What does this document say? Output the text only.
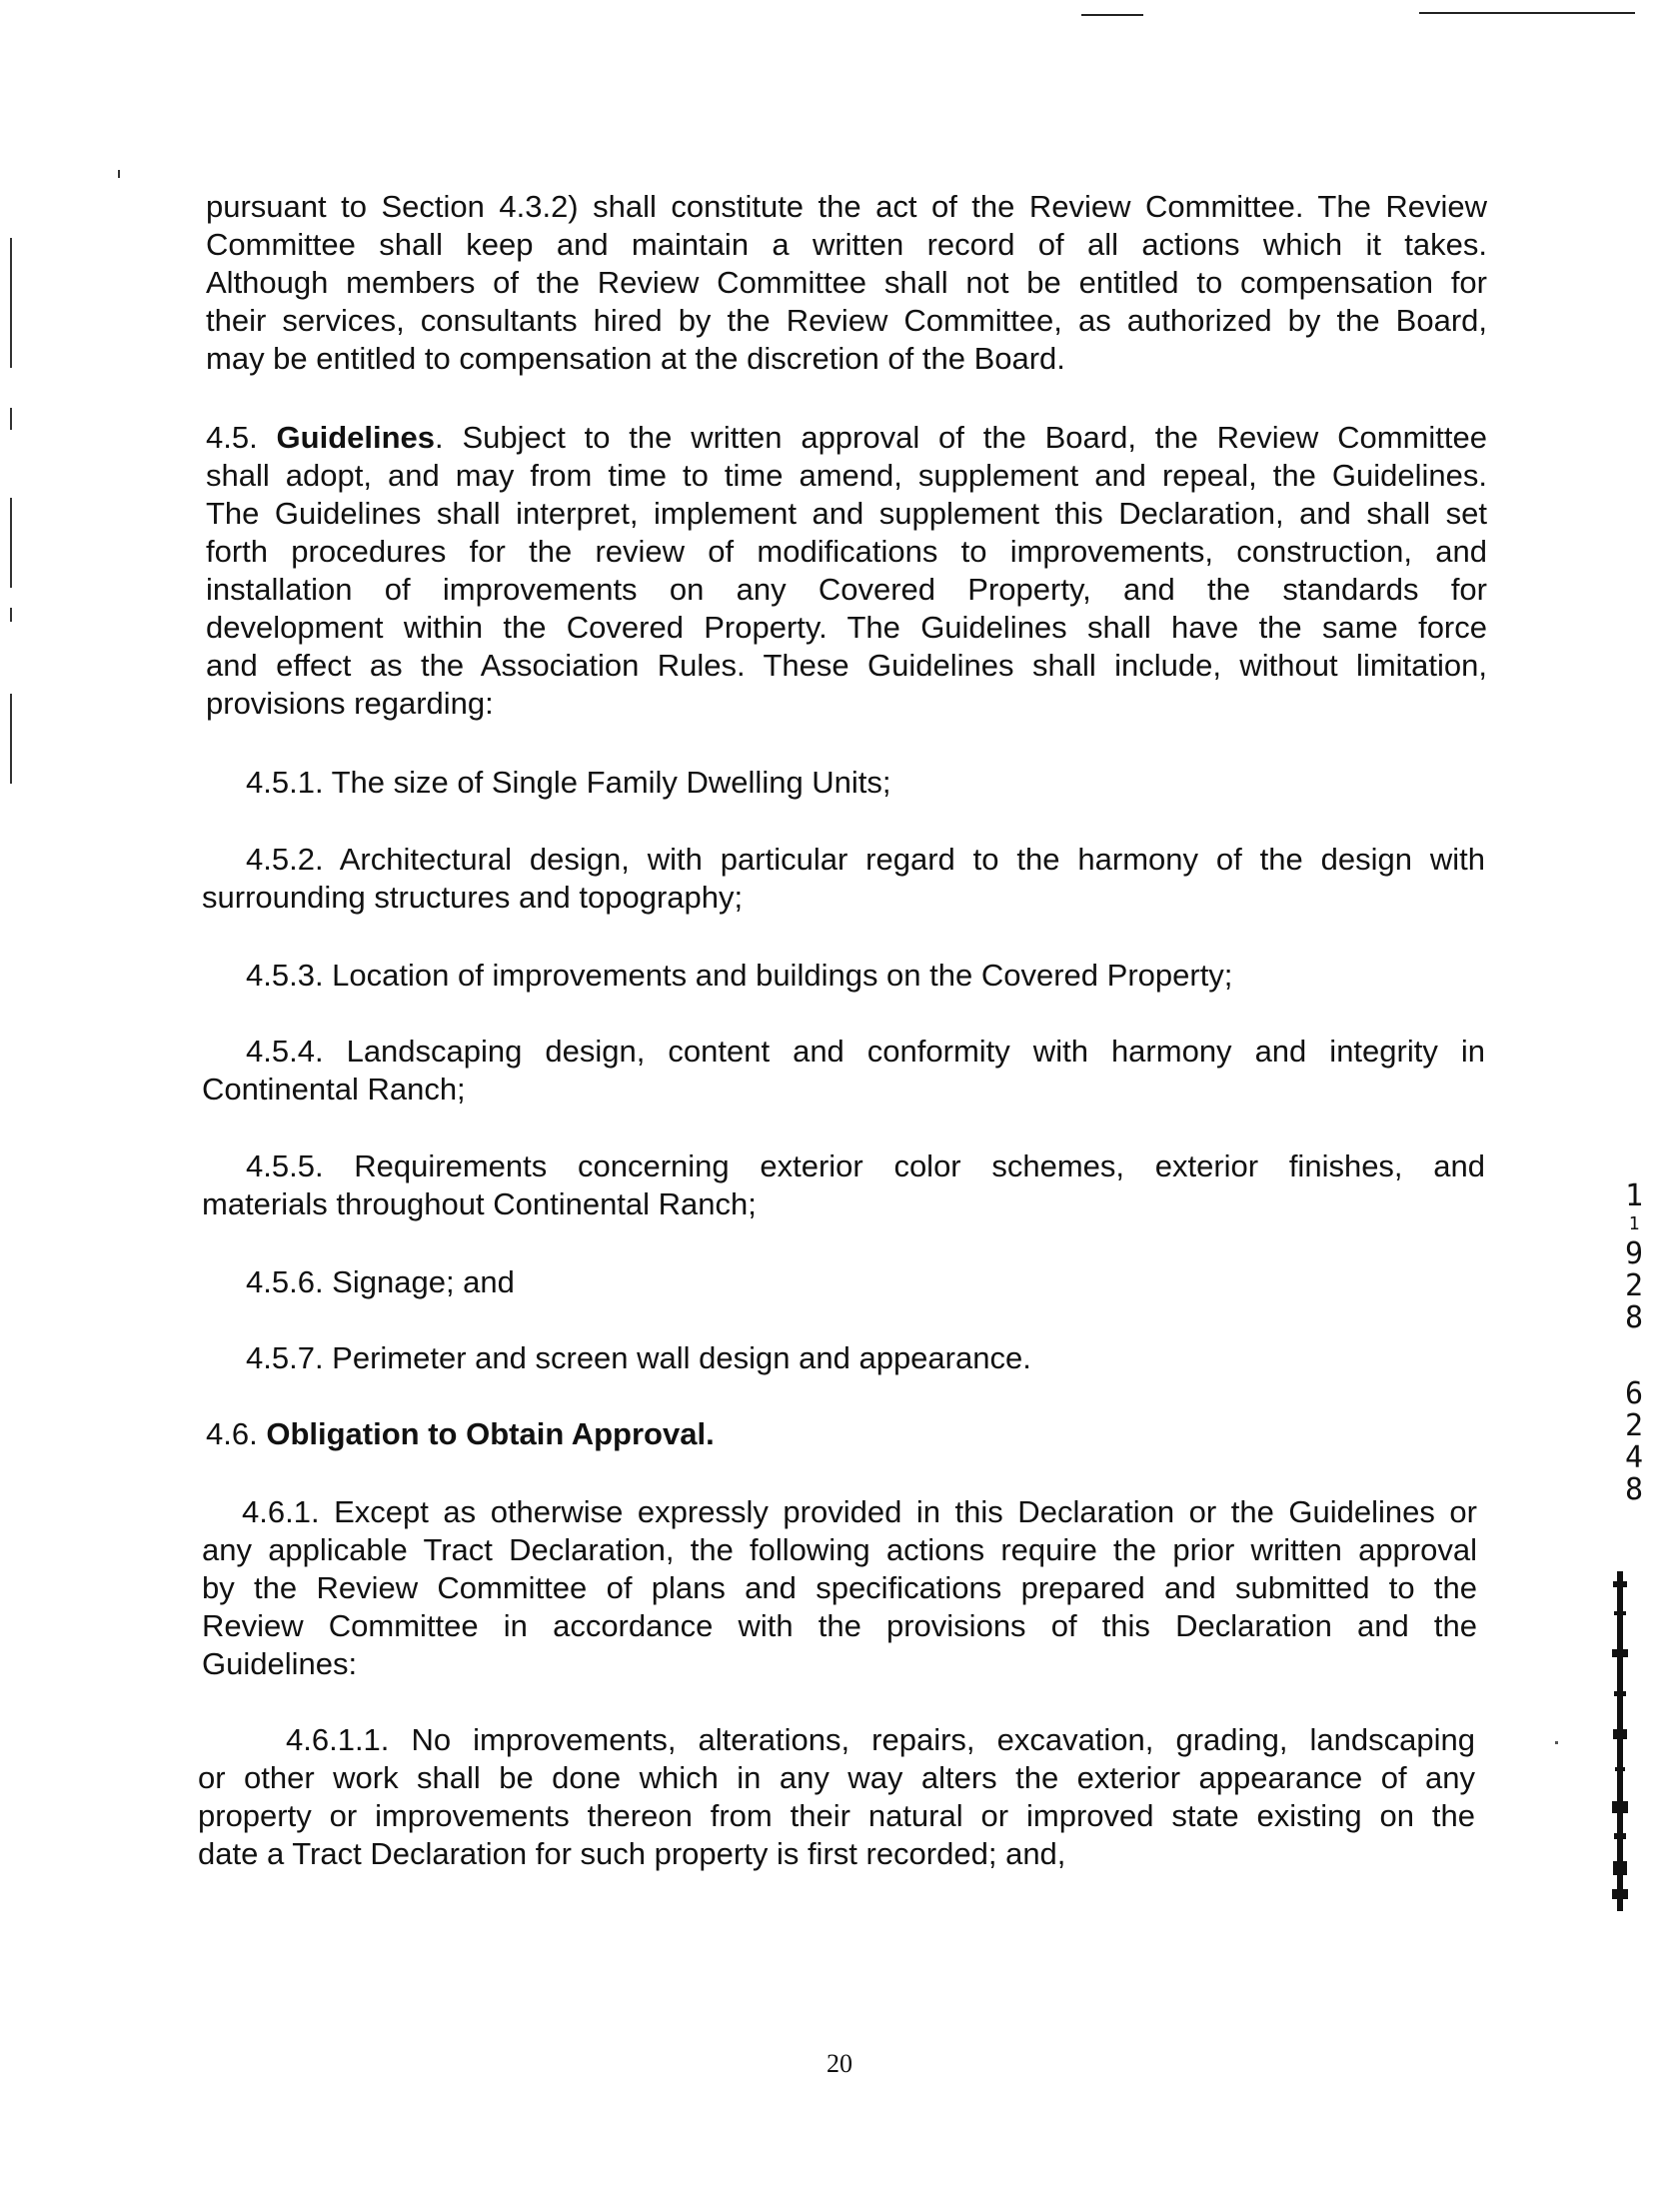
pursuant to Section 4.3.2) shall constitute the act of the Review Committee. The Review
Committee shall keep and maintain a written record of all actions which it takes.
Although members of the Review Committee shall not be entitled to compensation for
their services, consultants hired by the Review Committee, as authorized by the Board,
may be entitled to compensation at the discretion of the Board.
4.5. Guidelines. Subject to the written approval of the Board, the Review Committee
shall adopt, and may from time to time amend, supplement and repeal, the Guidelines.
The Guidelines shall interpret, implement and supplement this Declaration, and shall set
forth procedures for the review of modifications to improvements, construction, and
installation of improvements on any Covered Property, and the standards for
development within the Covered Property. The Guidelines shall have the same force
and effect as the Association Rules. These Guidelines shall include, without limitation,
provisions regarding:
4.5.1. The size of Single Family Dwelling Units;
4.5.2. Architectural design, with particular regard to the harmony of the design with
surrounding structures and topography;
4.5.3. Location of improvements and buildings on the Covered Property;
4.5.4. Landscaping design, content and conformity with harmony and integrity in
Continental Ranch;
4.5.5. Requirements concerning exterior color schemes, exterior finishes, and
materials throughout Continental Ranch;
4.5.6. Signage; and
4.5.7. Perimeter and screen wall design and appearance.
4.6. Obligation to Obtain Approval.
4.6.1. Except as otherwise expressly provided in this Declaration or the Guidelines or
any applicable Tract Declaration, the following actions require the prior written approval
by the Review Committee of plans and specifications prepared and submitted to the
Review Committee in accordance with the provisions of this Declaration and the
Guidelines:
4.6.1.1. No improvements, alterations, repairs, excavation, grading, landscaping
or other work shall be done which in any way alters the exterior appearance of any
property or improvements thereon from their natural or improved state existing on the
date a Tract Declaration for such property is first recorded; and,
20
1
1
9
2
8
6
2
4
8
